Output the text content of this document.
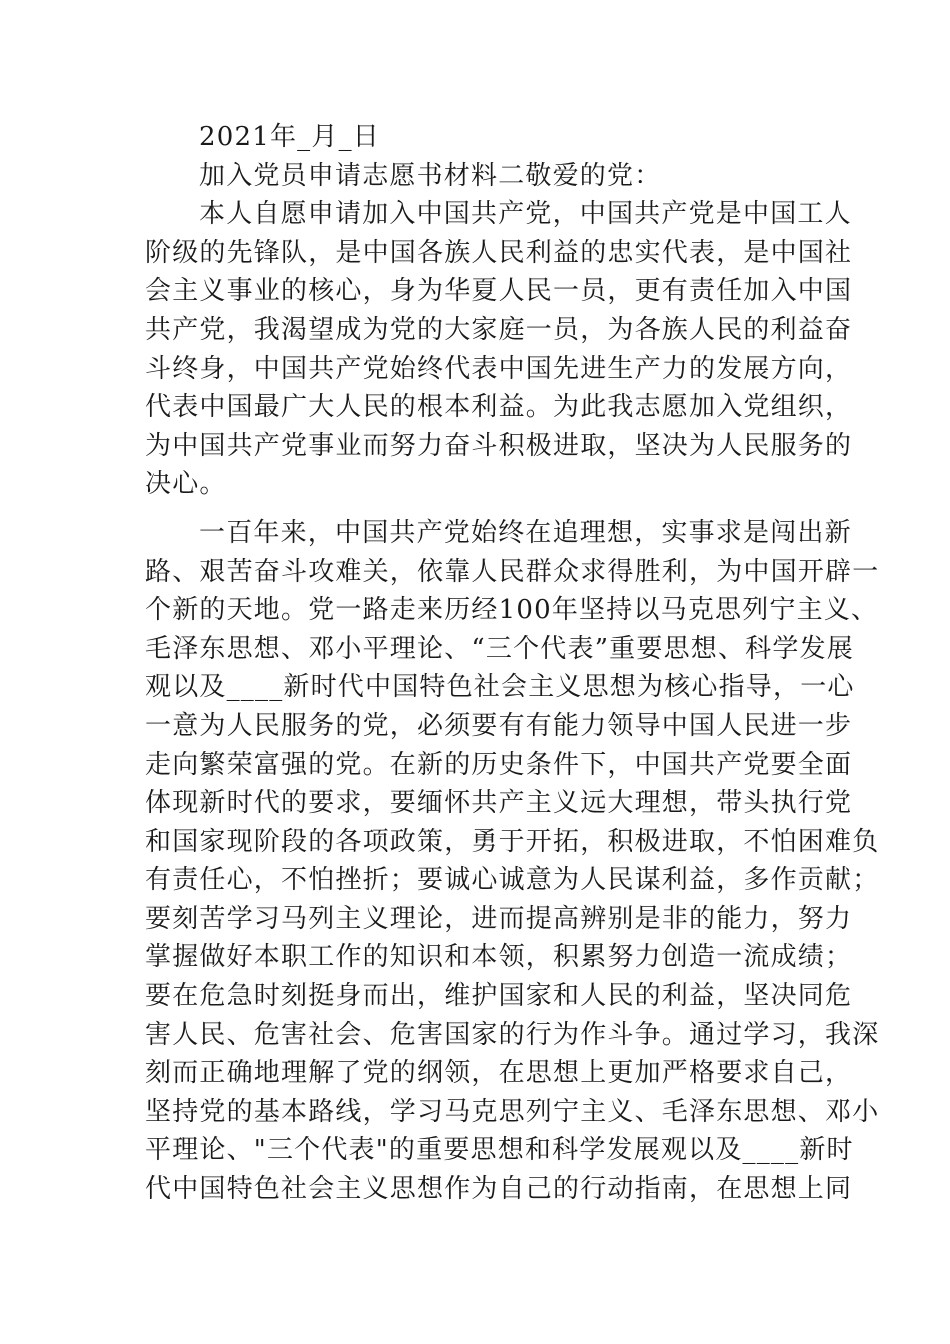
2021年_月_日
加入党员申请志愿书材料二敬爱的党：
本人自愿申请加入中国共产党，中国共产党是中国工人
阶级的先锋队，是中国各族人民利益的忠实代表，是中国社
会主义事业的核心，身为华夏人民一员，更有责任加入中国
共产党，我渴望成为党的大家庭一员，为各族人民的利益奋
斗终身，中国共产党始终代表中国先进生产力的发展方向，
代表中国最广大人民的根本利益。为此我志愿加入党组织，
为中国共产党事业而努力奋斗积极进取，坚决为人民服务的
决心。
一百年来，中国共产党始终在追理想，实事求是闯出新
路、艰苦奋斗攻难关，依靠人民群众求得胜利，为中国开辟一
个新的天地。党一路走来历经100年坚持以马克思列宁主义、
毛泽东思想、邓小平理论、“三个代表”重要思想、科学发展
观以及____新时代中国特色社会主义思想为核心指导，一心
一意为人民服务的党，必须要有有能力领导中国人民进一步
走向繁荣富强的党。在新的历史条件下，中国共产党要全面
体现新时代的要求，要缅怀共产主义远大理想，带头执行党
和国家现阶段的各项政策，勇于开拓，积极进取，不怕困难负
有责任心，不怕挫折；要诚心诚意为人民谋利益，多作贡献；
要刻苦学习马列主义理论，进而提高辨别是非的能力，努力
掌握做好本职工作的知识和本领，积累努力创造一流成绩；
要在危急时刻挺身而出，维护国家和人民的利益，坚决同危
害人民、危害社会、危害国家的行为作斗争。通过学习，我深
刻而正确地理解了党的纲领，在思想上更加严格要求自己，
坚持党的基本路线，学习马克思列宁主义、毛泽东思想、邓小
平理论、"三个代表"的重要思想和科学发展观以及____新时
代中国特色社会主义思想作为自己的行动指南，在思想上同
